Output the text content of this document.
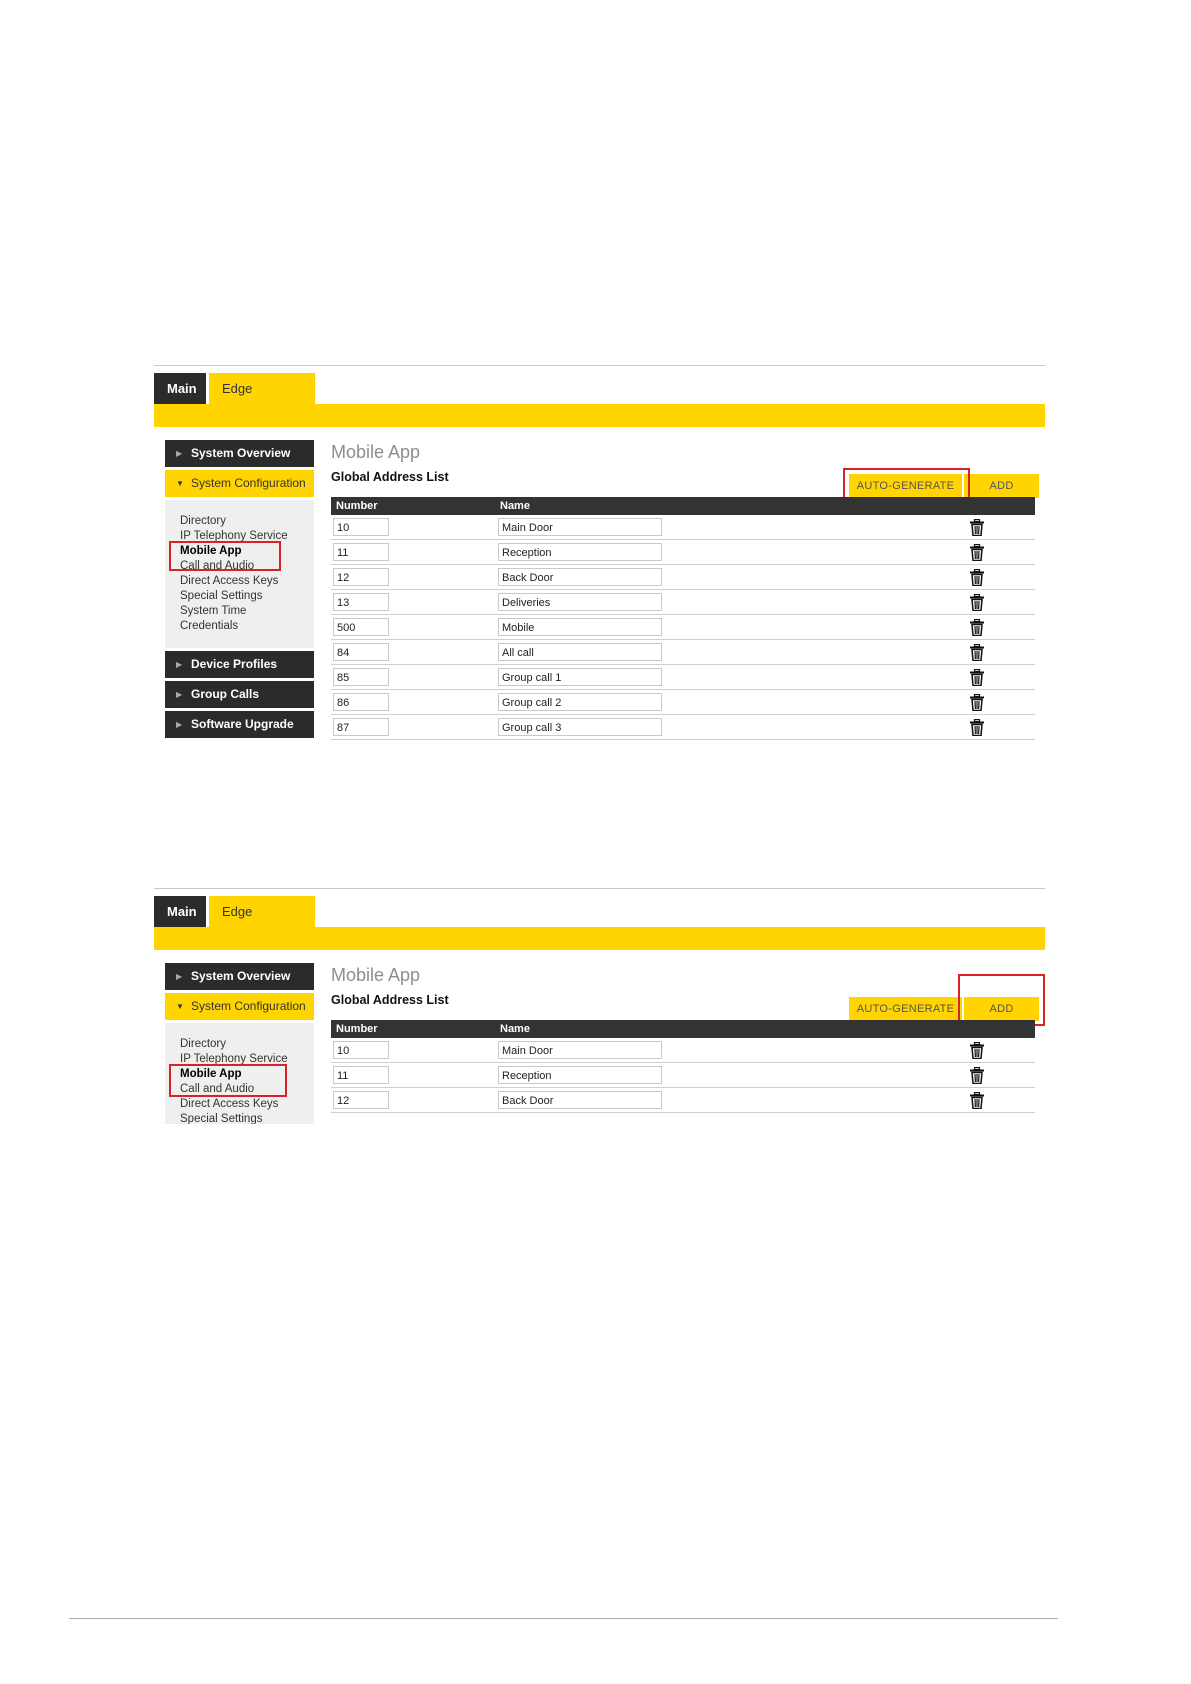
Main	Edge
▶ System Overview
▼ System Configuration
Directory
IP Telephony Service
Mobile App
Call and Audio
Direct Access Keys
Special Settings
System Time
Credentials
▶ Device Profiles
▶ Group Calls
▶ Software Upgrade
Mobile App
Global Address List
AUTO-GENERATE	ADD
Number	Name
10	Main Door
11	Reception
12	Back Door
13	Deliveries
500	Mobile
84	All call
85	Group call 1
86	Group call 2
87	Group call 3
Main	Edge
▶ System Overview
▼ System Configuration
Directory
IP Telephony Service
Mobile App
Call and Audio
Direct Access Keys
Special Settings
Mobile App
Global Address List
AUTO-GENERATE	ADD
Number	Name
10	Main Door
11	Reception
12	Back Door
